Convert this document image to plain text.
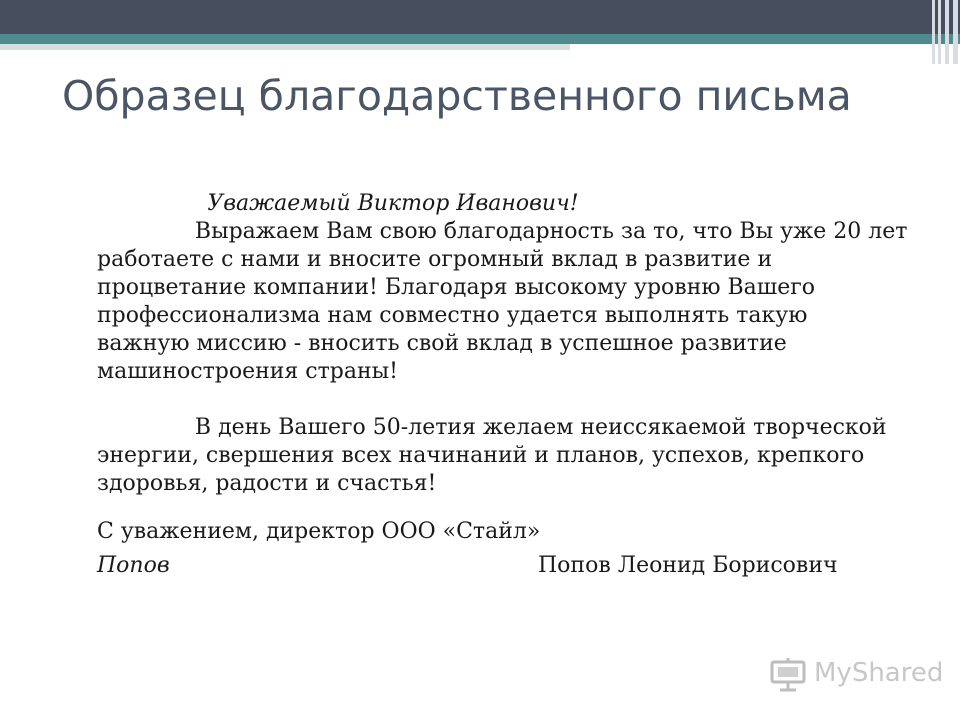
Образец благодарственного письма

Уважаемый Виктор Иванович!

Выражаем Вам свою благодарность за то, что Вы уже 20 лет
работаете с нами и вносите огромный вклад в развитие и
процветание компании! Благодаря высокому уровню Вашего
профессионализма нам совместно удается выполнять такую
важную миссию - вносить свой вклад в успешное развитие
машиностроения страны!
В день Вашего 50-летия желаем неиссякаемой творческой
энергии, свершения всех начинаний и планов, успехов, крепкого
здоровья, радости и счастья!
С уважением, директор ООО «Стайл»
Попов	Попов Леонид Борисович
MyShared
